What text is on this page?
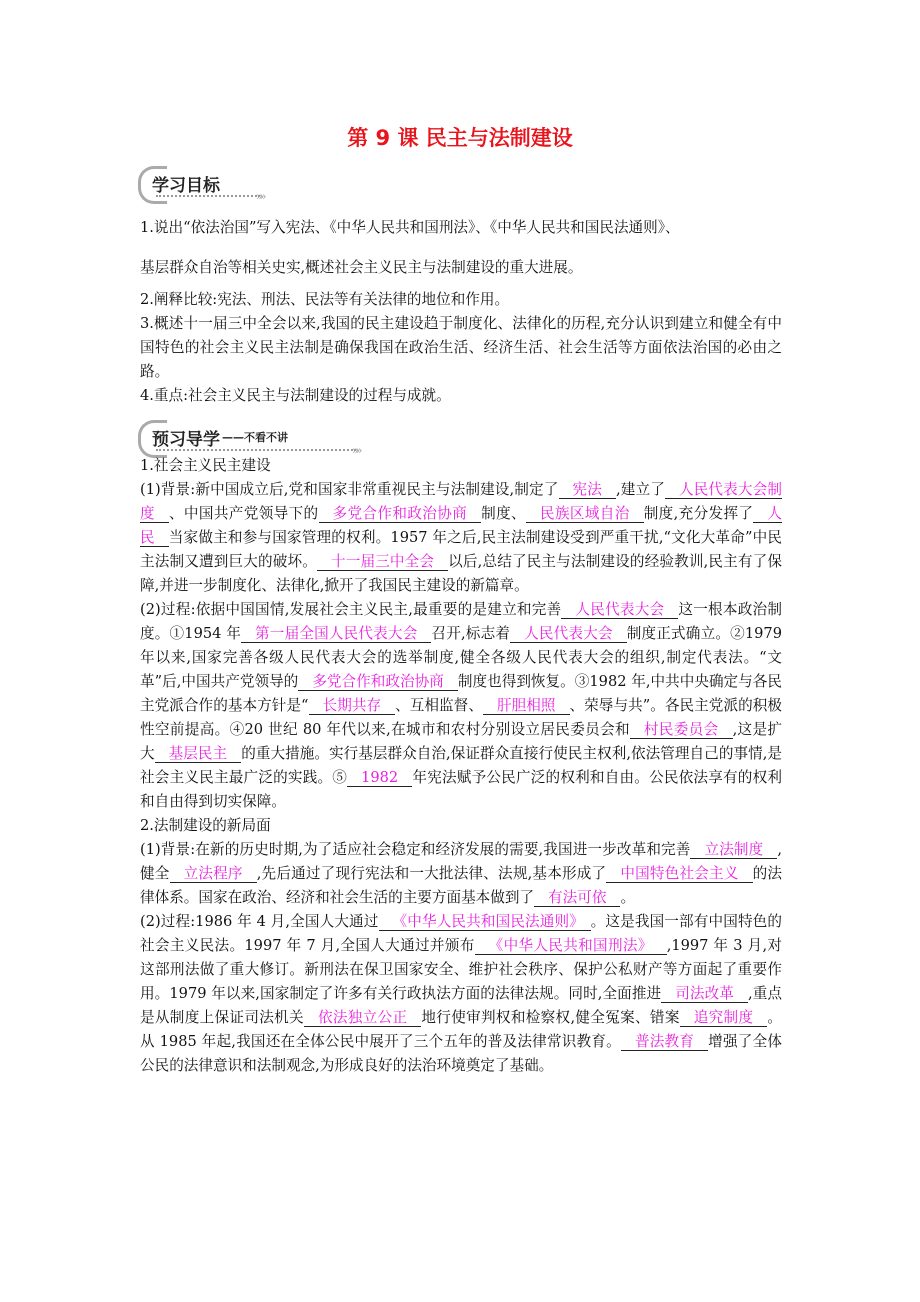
第 9 课 民主与法制建设
学习目标
»»

1.说出“依法治国”写入宪法、《中华人民共和国刑法》、《中华人民共和国民法通则》、

基层群众自治等相关史实,概述社会主义民主与法制建设的重大进展。

2.阐释比较:宪法、刑法、民法等有关法律的地位和作用。

3.概述十一届三中全会以来,我国的民主建设趋于制度化、法律化的历程,充分认识到建立和健全有中国特色的社会主义民主法制是确保我国在政治生活、经济生活、社会生活等方面依法治国的必由之路。

4.重点:社会主义民主与法制建设的过程与成就。

预习导学 ——不看不讲
»»

1.社会主义民主建设

(1)背景:新中国成立后,党和国家非常重视民主与法制建设,制定了 宪法 ,建立了 人民代表大会制度 、中国共产党领导下的 多党合作和政治协商 制度、 民族区域自治 制度,充分发挥了 人民 当家做主和参与国家管理的权利。1957 年之后,民主法制建设受到严重干扰,“文化大革命”中民主法制又遭到巨大的破坏。 十一届三中全会 以后,总结了民主与法制建设的经验教训,民主有了保障,并进一步制度化、法律化,掀开了我国民主建设的新篇章。

(2)过程:依据中国国情,发展社会主义民主,最重要的是建立和完善 人民代表大会 这一根本政治制度。①1954 年 第一届全国人民代表大会 召开,标志着 人民代表大会 制度正式确立。②1979 年以来,国家完善各级人民代表大会的选举制度,健全各级人民代表大会的组织,制定代表法。“文革”后,中国共产党领导的 多党合作和政治协商 制度也得到恢复。③1982 年,中共中央确定与各民主党派合作的基本方针是“ 长期共存 、互相监督、 肝胆相照 、荣辱与共”。各民主党派的积极性空前提高。④20 世纪 80 年代以来,在城市和农村分别设立居民委员会和 村民委员会 ,这是扩大 基层民主 的重大措施。实行基层群众自治,保证群众直接行使民主权利,依法管理自己的事情,是社会主义民主最广泛的实践。⑤ 1982 年宪法赋予公民广泛的权利和自由。公民依法享有的权利和自由得到切实保障。

2.法制建设的新局面

(1)背景:在新的历史时期,为了适应社会稳定和经济发展的需要,我国进一步改革和完善 立法制度 ,健全 立法程序 ,先后通过了现行宪法和一大批法律、法规,基本形成了 中国特色社会主义 的法律体系。国家在政治、经济和社会生活的主要方面基本做到了 有法可依 。

(2)过程:1986 年 4 月,全国人大通过 《中华人民共和国民法通则》 。这是我国一部有中国特色的社会主义民法。1997 年 7 月,全国人大通过并颁布 《中华人民共和国刑法》 ,1997 年 3 月,对这部刑法做了重大修订。新刑法在保卫国家安全、维护社会秩序、保护公私财产等方面起了重要作用。1979 年以来,国家制定了许多有关行政执法方面的法律法规。同时,全面推进 司法改革 ,重点是从制度上保证司法机关 依法独立公正 地行使审判权和检察权,健全冤案、错案 追究制度 。从 1985 年起,我国还在全体公民中展开了三个五年的普及法律常识教育。 普法教育 增强了全体公民的法律意识和法制观念,为形成良好的法治环境奠定了基础。
